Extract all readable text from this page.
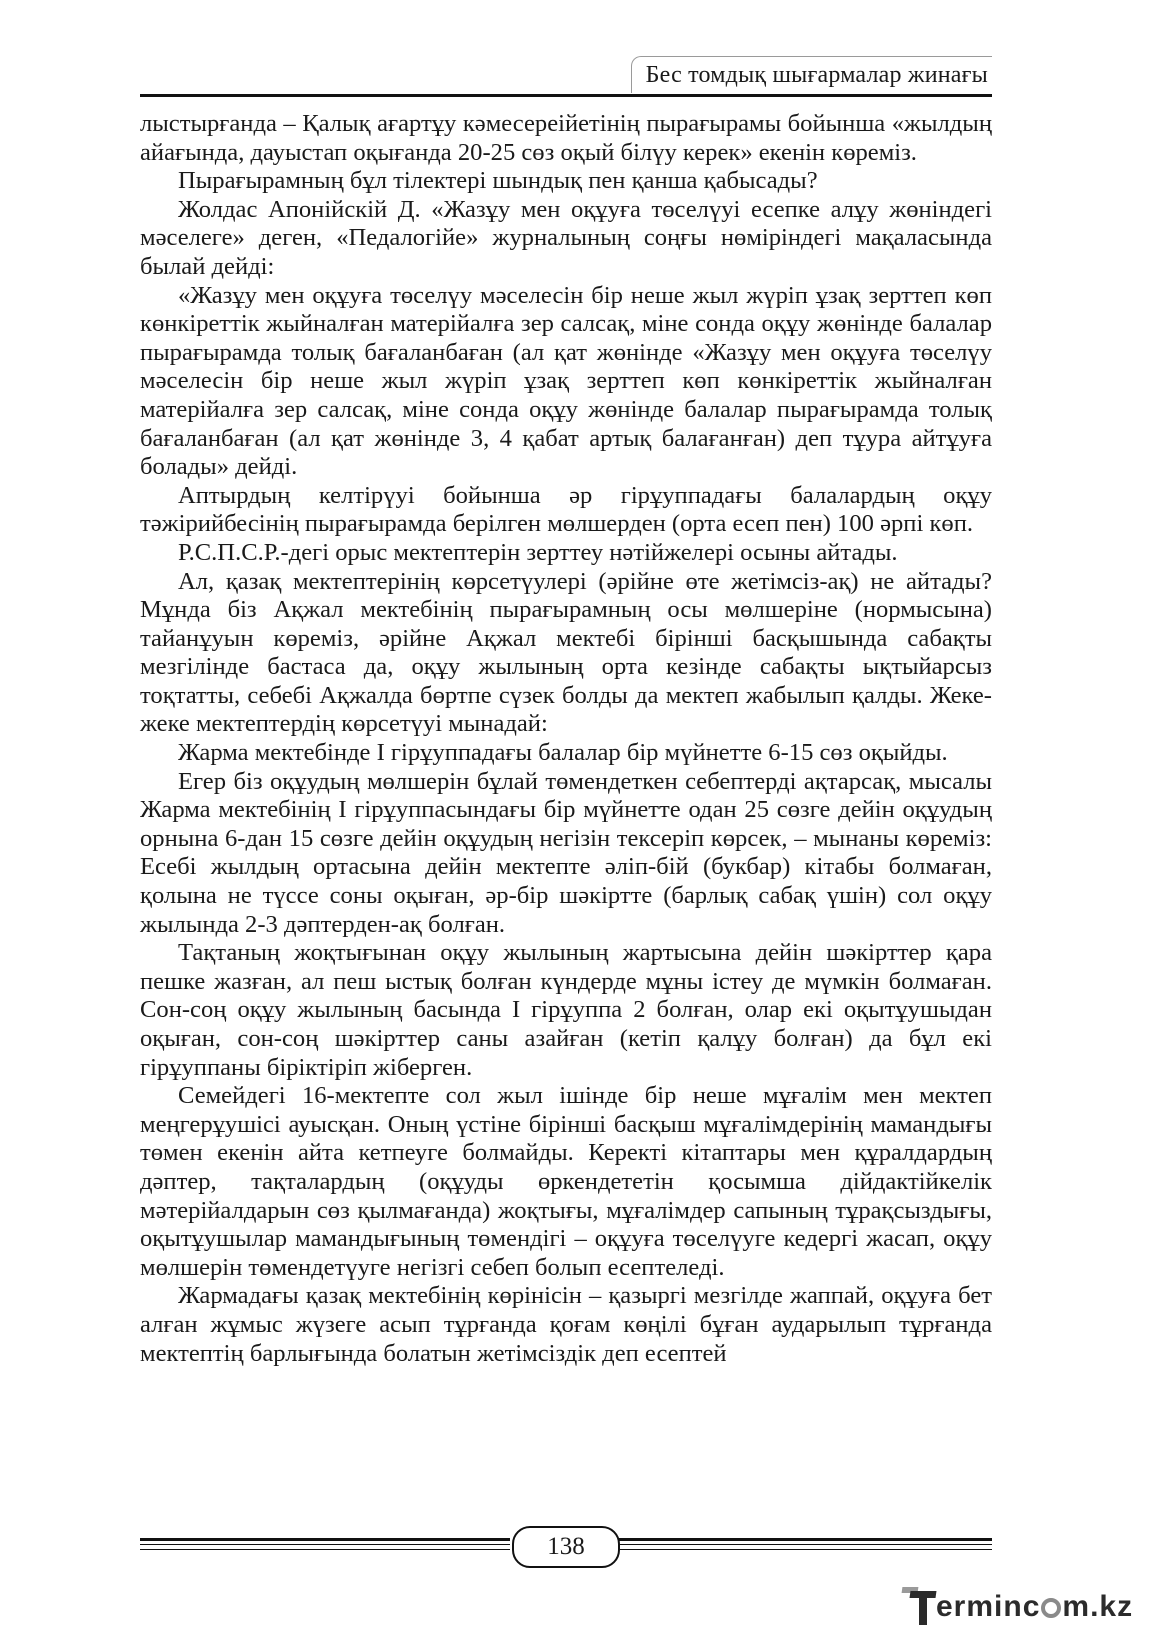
Бес томдық шығармалар жинағы

лыстырғанда – Қалық ағартұу кәмесереійетінің пырағырамы бойынша «жылдың айағында, дауыстап оқығанда 20-25 сөз оқый білүу керек» екенін көреміз.

Пырағырамның бұл тілектері шындық пен қанша қабысады?

Жолдас Апонійскій Д. «Жазұу мен оқұуға төселүуі есепке алұу жөніндегі мәселеге» деген, «Педалогійе» журналының соңғы нөміріндегі мақаласында былай дейді:

«Жазұу мен оқұуға төселүу мәселесін бір неше жыл жүріп ұзақ зерттеп көп көнкіреттік жыйналған матерійалға зер салсақ, міне сонда оқұу жөнінде балалар пырағырамда толық бағаланбаған (ал қат жөнінде «Жазұу мен оқұуға төселүу мәселесін бір неше жыл жүріп ұзақ зерттеп көп көнкіреттік жыйналған матерійалға зер салсақ, міне сонда оқұу жөнінде балалар пырағырамда толық бағаланбаған (ал қат жөнінде 3, 4 қабат артық балағанған) деп тұура айтұуға болады» дейді.

Аптырдың келтірүуі бойынша әр гірұуппадағы балалардың оқұу тәжірийбесінің пырағырамда берілген мөлшерден (орта есеп пен) 100 әрпі көп.

Р.С.П.С.Р.-дегі орыс мектептерін зерттеу нәтійжелері осыны айтады.

Ал, қазақ мектептерінің көрсетүулері (әрійне өте жетімсіз-ақ) не айтады? Мұнда біз Ақжал мектебінің пырағырамның осы мөлшеріне (нормысына) тайанұуын көреміз, әрійне Ақжал мектебі бірінші басқышында сабақты мезгілінде бастаса да, оқұу жылының орта кезінде сабақты ықтыйарсыз тоқтатты, себебі Ақжалда бөртпе сүзек болды да мектеп жабылып қалды. Жеке-жеке мектептердің көрсетүуі мынадай:

Жарма мектебінде І гірұуппадағы балалар бір мүйнетте 6-15 сөз оқыйды.

Егер біз оқұудың мөлшерін бұлай төмендеткен себептерді ақтарсақ, мысалы Жарма мектебінің І гірұуппасындағы бір мүйнетте одан 25 сөзге дейін оқұудың орнына 6-дан 15 сөзге дейін оқұудың негізін тексеріп көрсек, – мынаны көреміз: Есебі жылдың ортасына дейін мектепте әліп-бій (букбар) кітабы болмаған, қолына не түссе соны оқыған, әр-бір шәкіртте (барлық сабақ үшін) сол оқұу жылында 2-3 дәптерден-ақ болған.

Тақтаның жоқтығынан оқұу жылының жартысына дейін шәкірттер қара пешке жазған, ал пеш ыстық болған күндерде мұны істеу де мүмкін болмаған. Сон-соң оқұу жылының басында І гірұуппа 2 болған, олар екі оқытұушыдан оқыған, сон-соң шәкірттер саны азайған (кетіп қалұу болған) да бұл екі гірұуппаны біріктіріп жіберген.

Семейдегі 16-мектепте сол жыл ішінде бір неше мұғалім мен мектеп меңгерұушісі ауысқан. Оның үстіне бірінші басқыш мұғалімдерінің мамандығы төмен екенін айта кетпеуге болмайды. Керекті кітаптары мен құралдардың дәптер, тақталардың (оқұуды өркендететін қосымша дійдактійкелік мәтерійалдарын сөз қылмағанда) жоқтығы, мұғалімдер сапының тұрақсыздығы, оқытұушылар мамандығының төмендігі – оқұуға төселүуге кедергі жасап, оқұу мөлшерін төмендетүуге негізгі себеп болып есептеледі.

Жармадағы қазақ мектебінің көрінісін – қазыргі мезгілде жаппай, оқұуға бет алған жұмыс жүзеге асып тұрғанда қоғам көңілі бұған аударылып тұрғанда мектептің барлығында болатын жетімсіздік деп есептей

138
erminc m.kz
